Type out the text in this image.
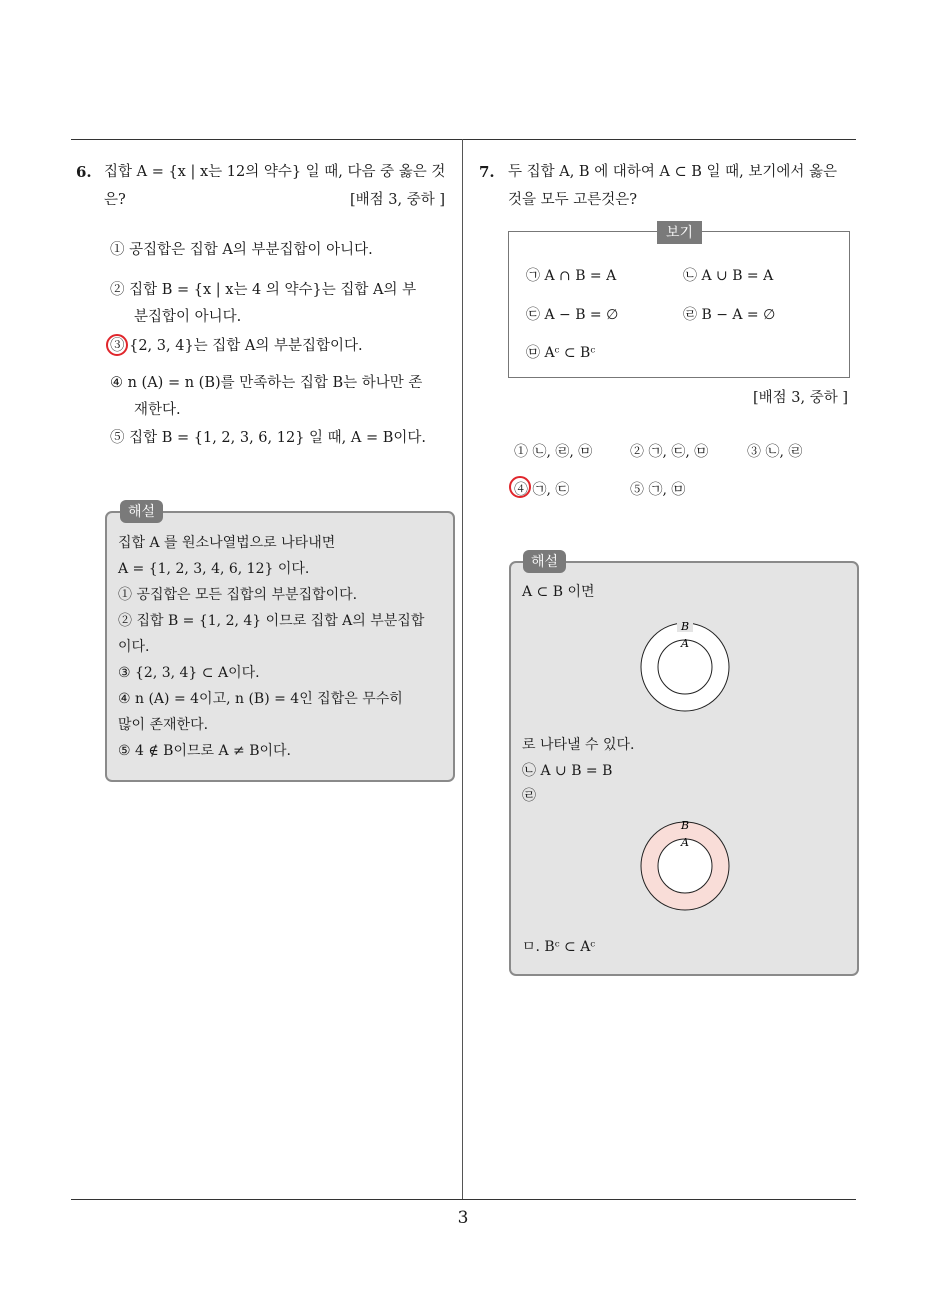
3
6. 집합 A = {x | x는 12의 약수} 일 때, 다음 중 옳은 것
은?	[배점 3, 중하 ]
① 공집합은 집합 A의 부분집합이 아니다.
② 집합 B = {x | x는 4 의 약수}는 집합 A의 부
분집합이 아니다.
③ {2, 3, 4}는 집합 A의 부분집합이다.
④ n (A) = n (B)를 만족하는 집합 B는 하나만 존
재한다.
⑤ 집합 B = {1, 2, 3, 6, 12} 일 때, A = B이다.
해설
집합 A 를 원소나열법으로 나타내면
A = {1, 2, 3, 4, 6, 12} 이다.
① 공집합은 모든 집합의 부분집합이다.
② 집합 B = {1, 2, 4} 이므로 집합 A의 부분집합
이다.
③ {2, 3, 4} ⊂ A이다.
④ n (A) = 4이고, n (B) = 4인 집합은 무수히
많이 존재한다.
⑤ 4 ∉ B이므로 A ≠ B이다.
7. 두 집합 A, B 에 대하여 A ⊂ B 일 때, 보기에서 옳은
것을 모두 고른것은?
보기
㉠ A ∩ B = A	㉡ A ∪ B = A
㉢ A − B = ∅	㉣ B − A = ∅
㉤ Aᶜ ⊂ Bᶜ
[배점 3, 중하 ]
① ㉡, ㉣, ㉤	② ㉠, ㉢, ㉤	③ ㉡, ㉣
④ ㉠, ㉢	⑤ ㉠, ㉤
해설
A ⊂ B 이면
B
A
로 나타낼 수 있다.
㉡ A ∪ B = B
㉣
B
A
ㅁ. Bᶜ ⊂ Aᶜ
